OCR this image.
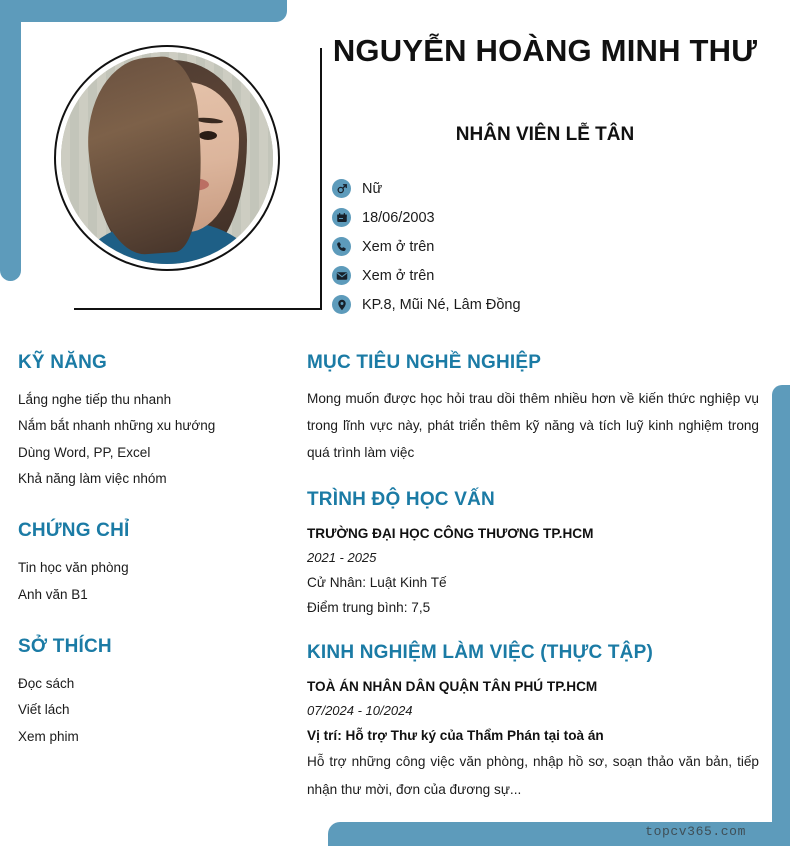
topcv365.com
NGUYỄN HOÀNG MINH THƯ
NHÂN VIÊN LỄ TÂN
Nữ
18/06/2003
Xem ở trên
Xem ở trên
KP.8, Mũi Né, Lâm Đồng
KỸ NĂNG
Lắng nghe tiếp thu nhanh
Nắm bắt nhanh những xu hướng
Dùng Word, PP, Excel
Khả năng làm việc nhóm
CHỨNG CHỈ
Tin học văn phòng
Anh văn B1
SỞ THÍCH
Đọc sách
Viết lách
Xem phim
MỤC TIÊU NGHỀ NGHIỆP
Mong muốn được học hỏi trau dồi thêm nhiều hơn về kiến thức nghiệp vụ trong lĩnh vực này, phát triển thêm kỹ năng và tích luỹ kinh nghiệm trong quá trình làm việc
TRÌNH ĐỘ HỌC VẤN
TRƯỜNG ĐẠI HỌC CÔNG THƯƠNG TP.HCM
2021 - 2025
Cử Nhân: Luật Kinh Tế
Điểm trung bình: 7,5
KINH NGHIỆM LÀM VIỆC (THỰC TẬP)
TOÀ ÁN NHÂN DÂN QUẬN TÂN PHÚ TP.HCM
07/2024 - 10/2024
Vị trí: Hỗ trợ Thư ký của Thẩm Phán tại toà án
Hỗ trợ những công việc văn phòng, nhập hồ sơ, soạn thảo văn bản, tiếp nhận thư mời, đơn của đương sự...
